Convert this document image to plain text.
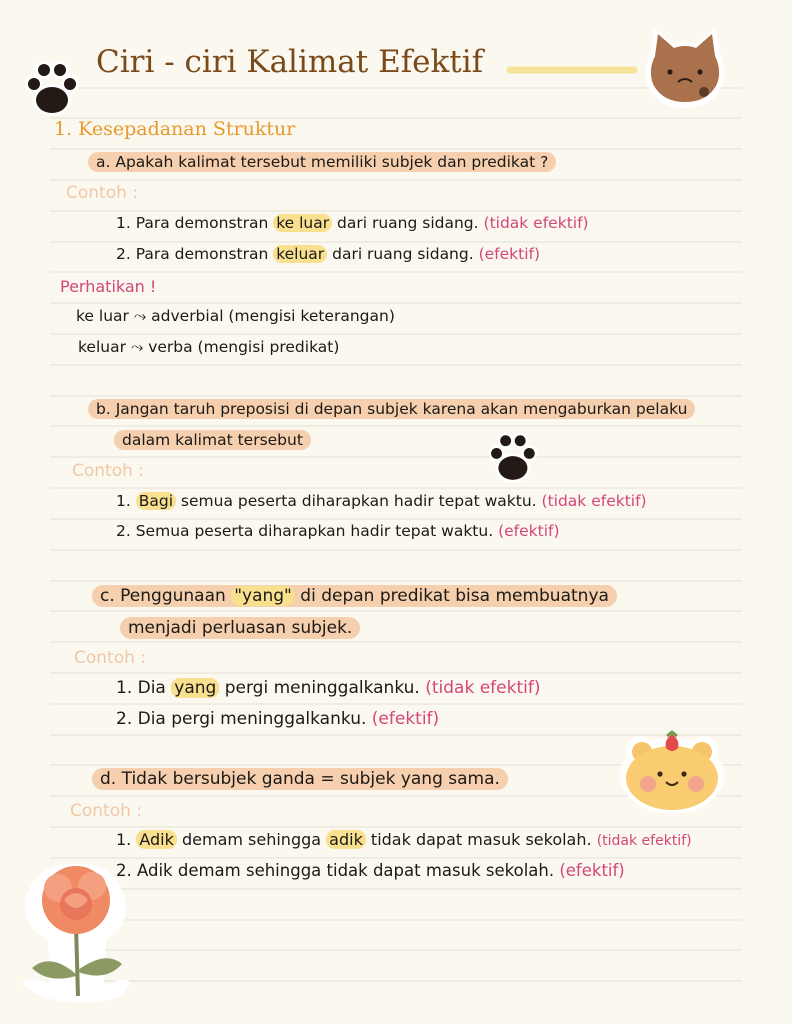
Ciri - ciri Kalimat Efektif
1. Kesepadanan Struktur
a. Apakah kalimat tersebut memiliki subjek dan predikat ?
Contoh :
1. Para demonstran ke luar dari ruang sidang. (tidak efektif)
2. Para demonstran keluar dari ruang sidang. (efektif)
Perhatikan !
ke luar ⤳ adverbial (mengisi keterangan)
keluar ⤳ verba (mengisi predikat)
b. Jangan taruh preposisi di depan subjek karena akan mengaburkan pelaku
dalam kalimat tersebut
Contoh :
1. Bagi semua peserta diharapkan hadir tepat waktu. (tidak efektif)
2. Semua peserta diharapkan hadir tepat waktu. (efektif)
c. Penggunaan "yang" di depan predikat bisa membuatnya
menjadi perluasan subjek.
Contoh :
1. Dia yang pergi meninggalkanku. (tidak efektif)
2. Dia pergi meninggalkanku. (efektif)
d. Tidak bersubjek ganda = subjek yang sama.
Contoh :
1. Adik demam sehingga adik tidak dapat masuk sekolah. (tidak efektif)
2. Adik demam sehingga tidak dapat masuk sekolah. (efektif)
